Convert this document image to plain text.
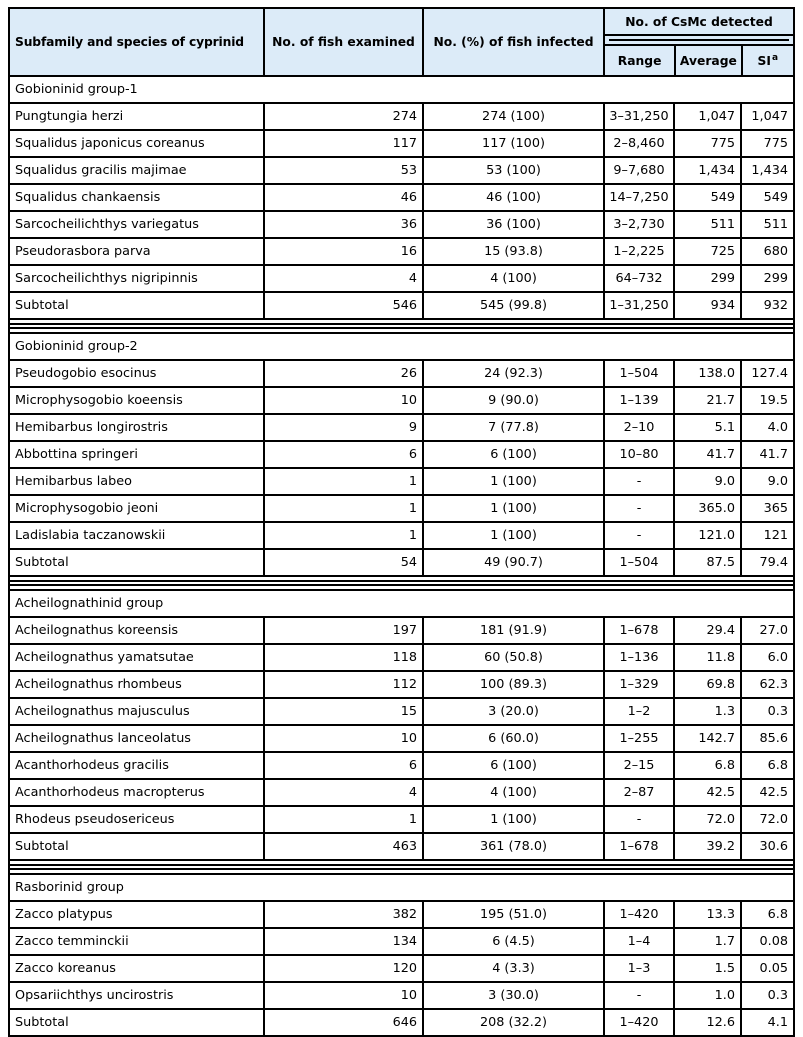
Subfamily and species of cyprinid	No. of fish examined	No. (%) of fish infected
No. of CsMc detected
Range	Average SI a
Gobioninid group-1
Pungtungia herzi	274	274 (100)	3–31,250	1,047	1,047
Squalidus japonicus coreanus	117	117 (100)	2–8,460	775	775
Squalidus gracilis majimae	53	53 (100)	9–7,680	1,434	1,434
Squalidus chankaensis	46	46 (100)	14–7,250	549	549
Sarcocheilichthys variegatus	36	36 (100)	3–2,730	511	511
Pseudorasbora parva	16	15 (93.8)	1–2,225	725	680
Sarcocheilichthys nigripinnis	4	4 (100)	64–732	299	299
Subtotal	546	545 (99.8)	1–31,250	934	932
Gobioninid group-2
Pseudogobio esocinus	26	24 (92.3)	1–504	138.0	127.4
Microphysogobio koeensis	10	9 (90.0)	1–139	21.7	19.5
Hemibarbus longirostris	9	7 (77.8)	2–10	5.1	4.0
Abbottina springeri	6	6 (100)	10–80	41.7	41.7
Hemibarbus labeo	1	1 (100)	-	9.0	9.0
Microphysogobio jeoni	1	1 (100)	-	365.0	365
Ladislabia taczanowskii	1	1 (100)	-	121.0	121
Subtotal	54	49 (90.7)	1–504	87.5	79.4
Acheilognathinid group
Acheilognathus koreensis	197	181 (91.9)	1–678	29.4	27.0
Acheilognathus yamatsutae	118	60 (50.8)	1–136	11.8	6.0
Acheilognathus rhombeus	112	100 (89.3)	1–329	69.8	62.3
Acheilognathus majusculus	15	3 (20.0)	1–2	1.3	0.3
Acheilognathus lanceolatus	10	6 (60.0)	1–255	142.7	85.6
Acanthorhodeus gracilis	6	6 (100)	2–15	6.8	6.8
Acanthorhodeus macropterus	4	4 (100)	2–87	42.5	42.5
Rhodeus pseudosericeus	1	1 (100)	-	72.0	72.0
Subtotal	463	361 (78.0)	1–678	39.2	30.6
Rasborinid group
Zacco platypus	382	195 (51.0)	1–420	13.3	6.8
Zacco temminckii	134	6 (4.5)	1–4	1.7	0.08
Zacco koreanus	120	4 (3.3)	1–3	1.5	0.05
Opsariichthys uncirostris	10	3 (30.0)	-	1.0	0.3
Subtotal	646	208 (32.2)	1–420	12.6	4.1
